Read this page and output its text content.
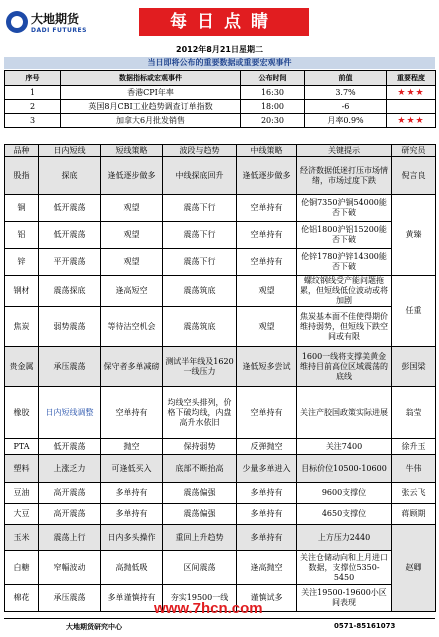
大地期货
DADI FUTURES	每日点睛
2012年8月21日星期二
当日即将公布的重要数据或重要宏观事件
序号	数据指标或宏观事件	公布时间	前值	重要程度
1	香港CPI年率	16:30	3.7%	★★★
2	英国8月CBI工业趋势调查订单指数	18:00	-6	
3	加拿大6月批发销售	20:30	月率0.9%	★★★
品种	日内短线	短线策略	波段与趋势	中线策略	关键提示	研究员
股指	探底	逢低逐步做多	中线探底回升	逢低逐步做多	经济数据低迷打压市场情绪，市场过度下跌	倪言良
铜	低开震荡	观望	震荡下行	空单持有	伦铜7350沪铜54000能否下破	黄臻
铝	低开震荡	观望	震荡下行	空单持有	伦铝1800沪铝15200能否下破	
锌	平开震荡	观望	震荡下行	空单持有	伦锌1780沪锌14300能否下破	
钢材	震荡探底	逢高短空	震荡筑底	观望	螺纹钢线受产能问题拖累，但短线低位波动或将加剧	任重
焦炭	弱势震荡	等待沽空机会	震荡筑底	观望	焦炭基本面不佳使得期价维持弱势，但短线下跌空间或有限	
贵金属	承压震荡	保守者多单减磅	测试半年线及1620一线压力	逢低短多尝试	1600一线将支撑美黄金维持目前高位区域震荡的底线	彭国梁
橡胶	日内短线调整	空单持有	均线空头排列，价格下破均线，内盘高升水依旧	空单持有	关注产胶国政策实际进展	翁莹
PTA	低开震荡	抛空	保持弱势	反弹抛空	关注7400	徐升玉
塑料	上涨乏力	可逢低买入	底部不断抬高	少量多单进入	目标价位10500-10600	牛伟
豆油	高开震荡	多单持有	震荡偏强	多单持有	9600支撑位	张云飞
大豆	高开震荡	多单持有	震荡偏强	多单持有	4650支撑位	蒋顾期
玉米	震荡上行	日内多头操作	重回上升趋势	多单持有	上方压力2440	赵卿
白糖	窄幅波动	高抛低吸	区间震荡	逢高抛空	关注仓储动向和上月进口数据，支撑位5350-5450	
棉花	承压震荡	多单谨慎持有	夯实19500一线	谨慎试多	关注19500-19600小区间表现	
www.7hcn.com
大地期货研究中心	0571-85161073
